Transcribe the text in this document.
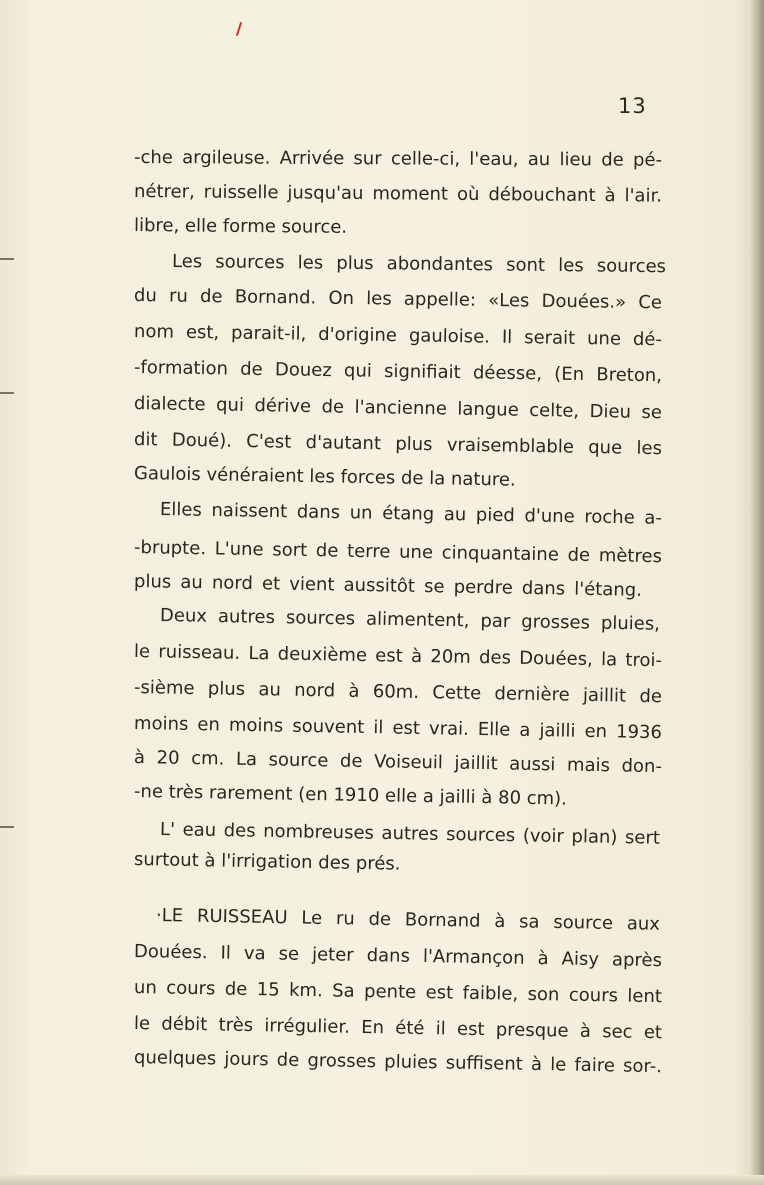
13
-che argileuse. Arrivée sur celle-ci, l'eau, au lieu de pé-
nétrer, ruisselle jusqu'au moment où débouchant à l'air.
libre, elle forme source.
Les sources les plus abondantes sont les sources
du ru de Bornand. On les appelle: «Les Douées.» Ce
nom est, parait-il, d'origine gauloise. Il serait une dé-
-formation de Douez qui signifiait déesse, (En Breton,
dialecte qui dérive de l'ancienne langue celte, Dieu se
dit Doué). C'est d'autant plus vraisemblable que les
Gaulois vénéraient les forces de la nature.
Elles naissent dans un étang au pied d'une roche a-
-brupte. L'une sort de terre une cinquantaine de mètres
plus au nord et vient aussitôt se perdre dans l'étang.
Deux autres sources alimentent, par grosses pluies,
le ruisseau. La deuxième est à 20m des Douées, la troi-
-sième plus au nord à 60m. Cette dernière jaillit de
moins en moins souvent il est vrai. Elle a jailli en 1936
à 20 cm. La source de Voiseuil jaillit aussi mais don-
-ne très rarement (en 1910 elle a jailli à 80 cm).
L' eau des nombreuses autres sources (voir plan) sert
surtout à l'irrigation des prés.
·LE RUISSEAU Le ru de Bornand à sa source aux
Douées. Il va se jeter dans l'Armançon à Aisy après
un cours de 15 km. Sa pente est faible, son cours lent
le débit très irrégulier. En été il est presque à sec et
quelques jours de grosses pluies suffisent à le faire sor-.
